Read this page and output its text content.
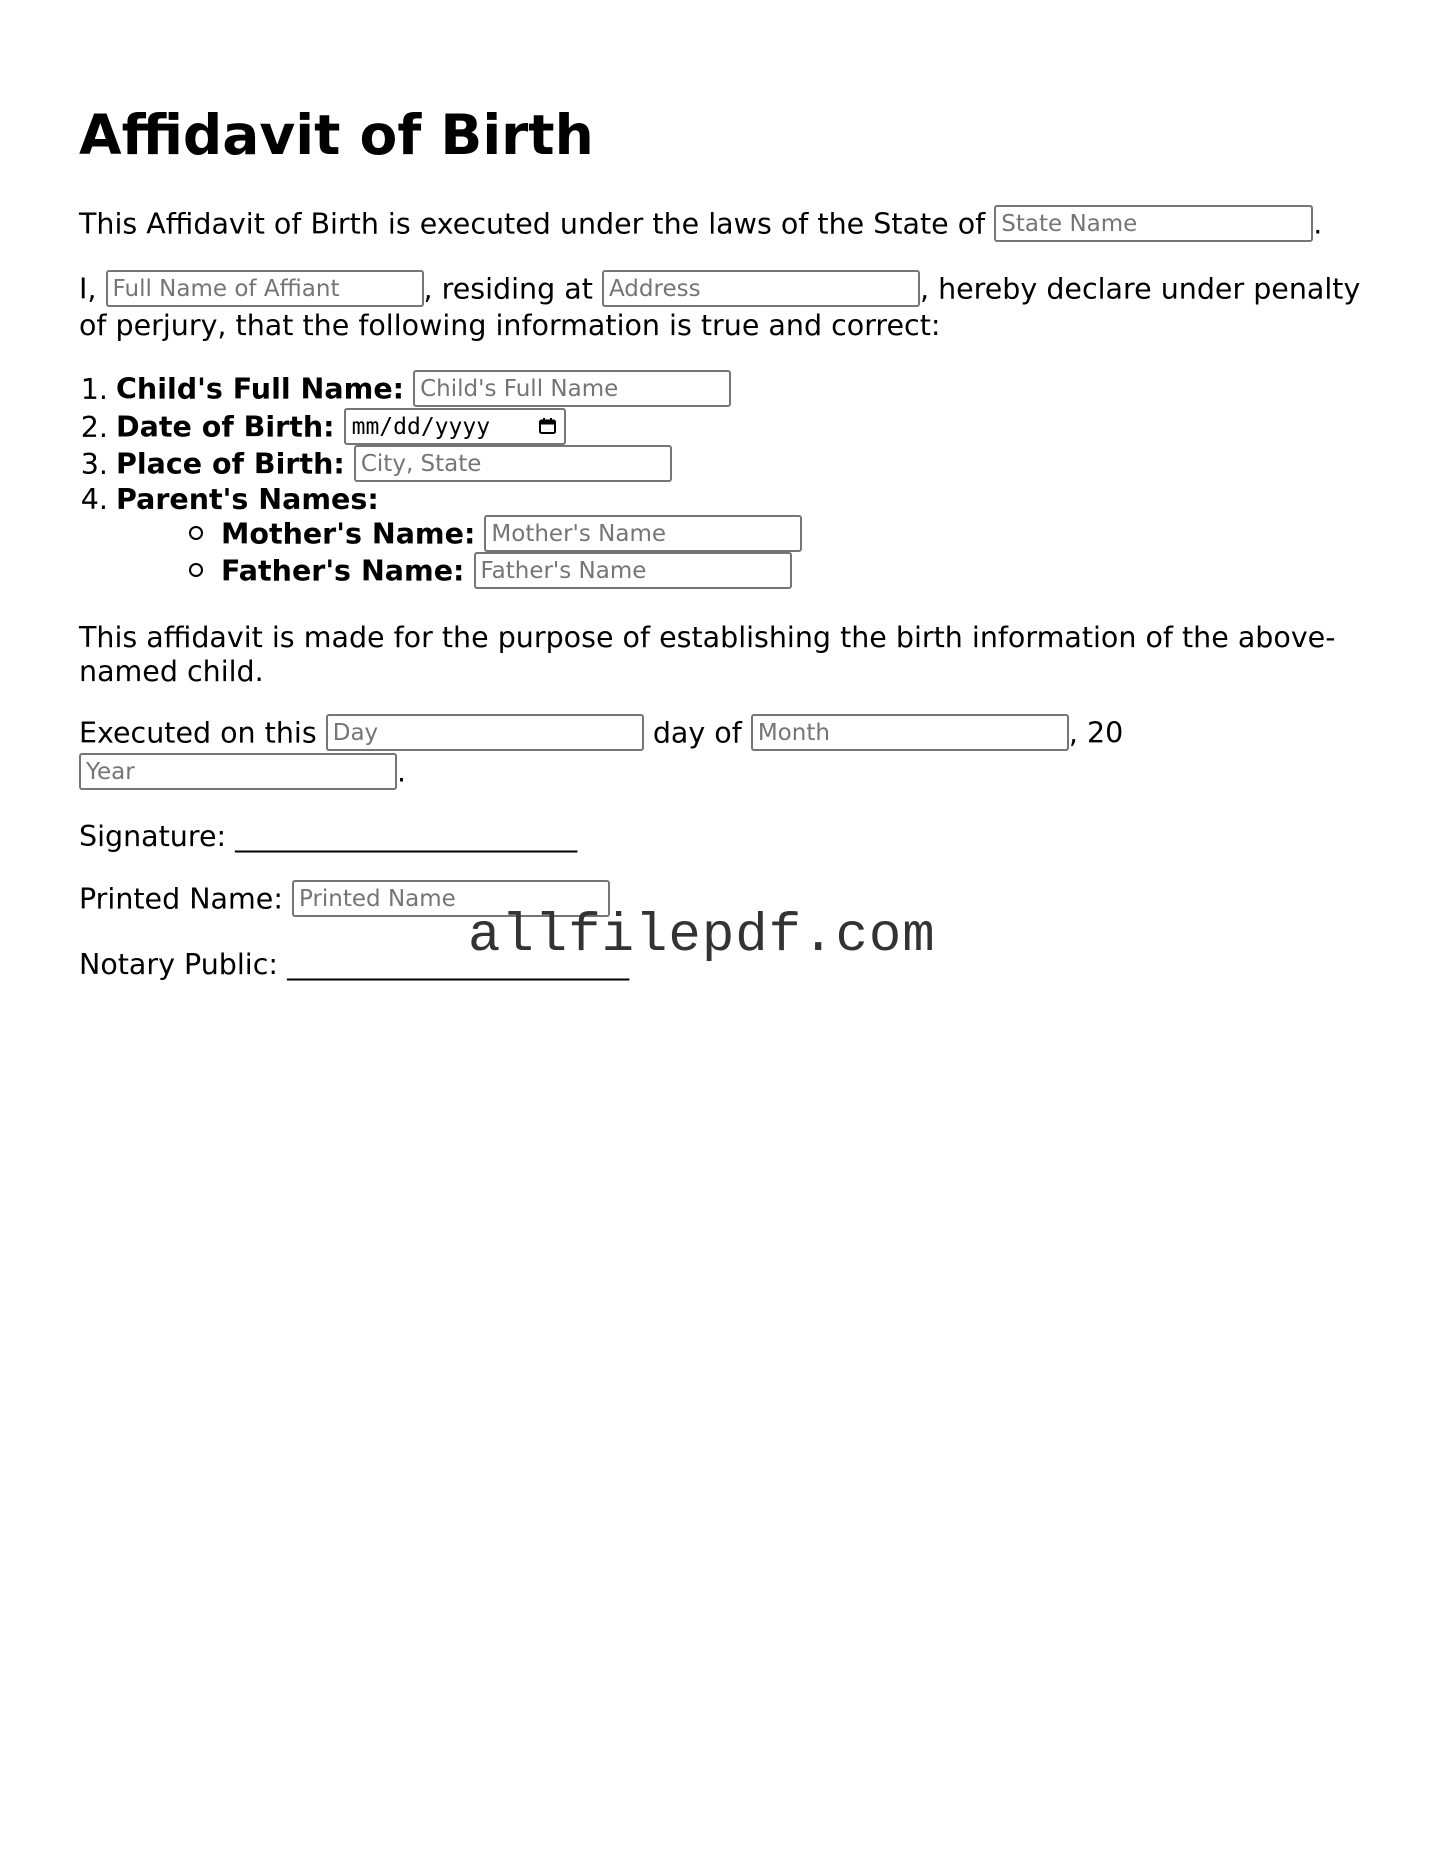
Affidavit of Birth
This Affidavit of Birth is executed under the laws of the State of State Name	.
I, Full Name of Affiant	, residing at Address	, hereby declare under penalty
of perjury, that the following information is true and correct:
1. Child's Full Name: Child's Full Name
2. Date of Birth: mm/dd/yyyy
3. Place of Birth: City, State
4. Parent's Names:
Mother's Name: Mother's Name
Father's Name: Father's Name

This affidavit is made for the purpose of establishing the birth information of the above-named child.

Executed on this Day	day of Month	, 20
Year	.
Signature: ________________________
Printed Name: Printed Name
Notary Public: ________________________
allfilepdf.com
